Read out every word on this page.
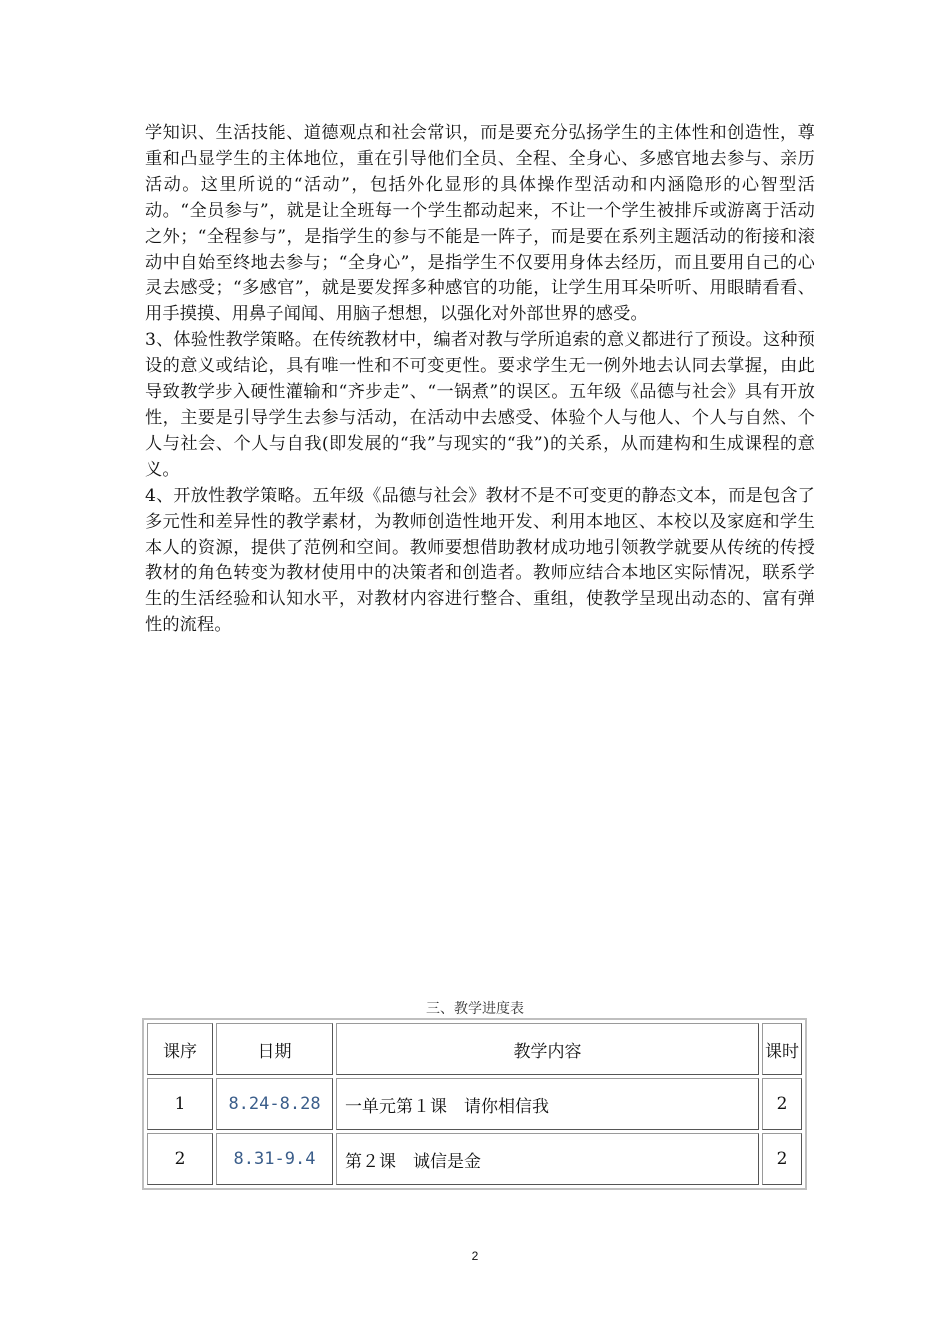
学知识、生活技能、道德观点和社会常识，而是要充分弘扬学生的主体性和创造性，尊重和凸显学生的主体地位，重在引导他们全员、全程、全身心、多感官地去参与、亲历活动。这里所说的“活动”，包括外化显形的具体操作型活动和内涵隐形的心智型活动。“全员参与”，就是让全班每一个学生都动起来，不让一个学生被排斥或游离于活动之外；“全程参与”，是指学生的参与不能是一阵子，而是要在系列主题活动的衔接和滚动中自始至终地去参与；“全身心”，是指学生不仅要用身体去经历，而且要用自己的心灵去感受；“多感官”，就是要发挥多种感官的功能，让学生用耳朵听听、用眼睛看看、用手摸摸、用鼻子闻闻、用脑子想想，以强化对外部世界的感受。

3、体验性教学策略。在传统教材中，编者对教与学所追索的意义都进行了预设。这种预设的意义或结论，具有唯一性和不可变更性。要求学生无一例外地去认同去掌握，由此导致教学步入硬性灌输和“齐步走”、“一锅煮”的误区。五年级《品德与社会》具有开放性，主要是引导学生去参与活动，在活动中去感受、体验个人与他人、个人与自然、个人与社会、个人与自我(即发展的“我”与现实的“我”)的关系，从而建构和生成课程的意义。

4、开放性教学策略。五年级《品德与社会》教材不是不可变更的静态文本，而是包含了多元性和差异性的教学素材，为教师创造性地开发、利用本地区、本校以及家庭和学生本人的资源，提供了范例和空间。教师要想借助教材成功地引领教学就要从传统的传授教材的角色转变为教材使用中的决策者和创造者。教师应结合本地区实际情况，联系学生的生活经验和认知水平，对教材内容进行整合、重组，使教学呈现出动态的、富有弹性的流程。

三、教学进度表
课序	日期	教学内容	课时
1	8.24-8.28	一单元第１课　请你相信我	2
2	8.31-9.4	第２课　诚信是金	2
2
